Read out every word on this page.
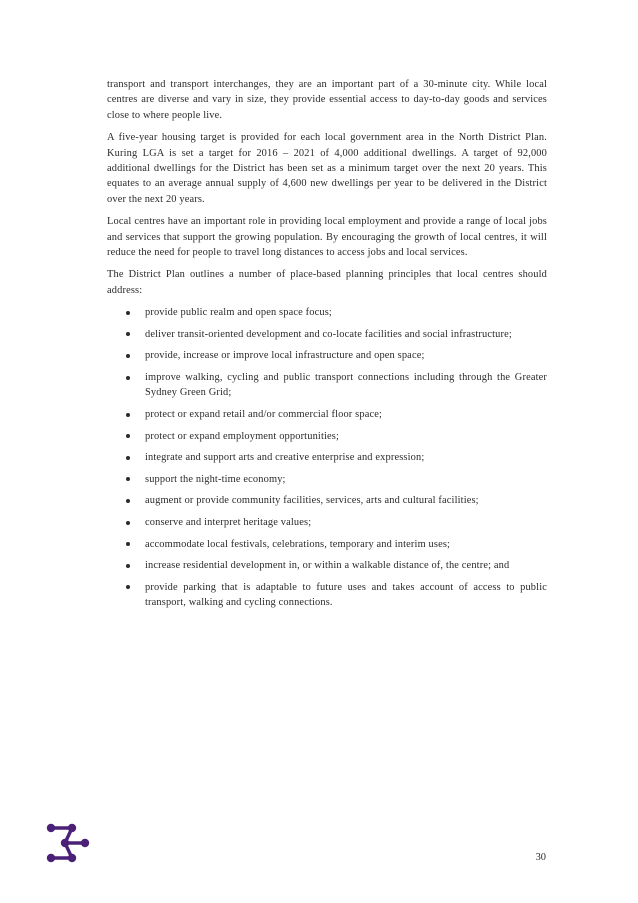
transport and transport interchanges, they are an important part of a 30-minute city. While local centres are diverse and vary in size, they provide essential access to day-to-day goods and services close to where people live.

A five-year housing target is provided for each local government area in the North District Plan. Kuring LGA is set a target for 2016 – 2021 of 4,000 additional dwellings. A target of 92,000 additional dwellings for the District has been set as a minimum target over the next 20 years. This equates to an average annual supply of 4,600 new dwellings per year to be delivered in the District over the next 20 years.

Local centres have an important role in providing local employment and provide a range of local jobs and services that support the growing population. By encouraging the growth of local centres, it will reduce the need for people to travel long distances to access jobs and local services.

The District Plan outlines a number of place-based planning principles that local centres should address:

provide public realm and open space focus;
deliver transit-oriented development and co-locate facilities and social infrastructure;
provide, increase or improve local infrastructure and open space;
improve walking, cycling and public transport connections including through the Greater Sydney Green Grid;
protect or expand retail and/or commercial floor space;
protect or expand employment opportunities;
integrate and support arts and creative enterprise and expression;
support the night-time economy;
augment or provide community facilities, services, arts and cultural facilities;
conserve and interpret heritage values;
accommodate local festivals, celebrations, temporary and interim uses;
increase residential development in, or within a walkable distance of, the centre; and
provide parking that is adaptable to future uses and takes account of access to public transport, walking and cycling connections.
30
